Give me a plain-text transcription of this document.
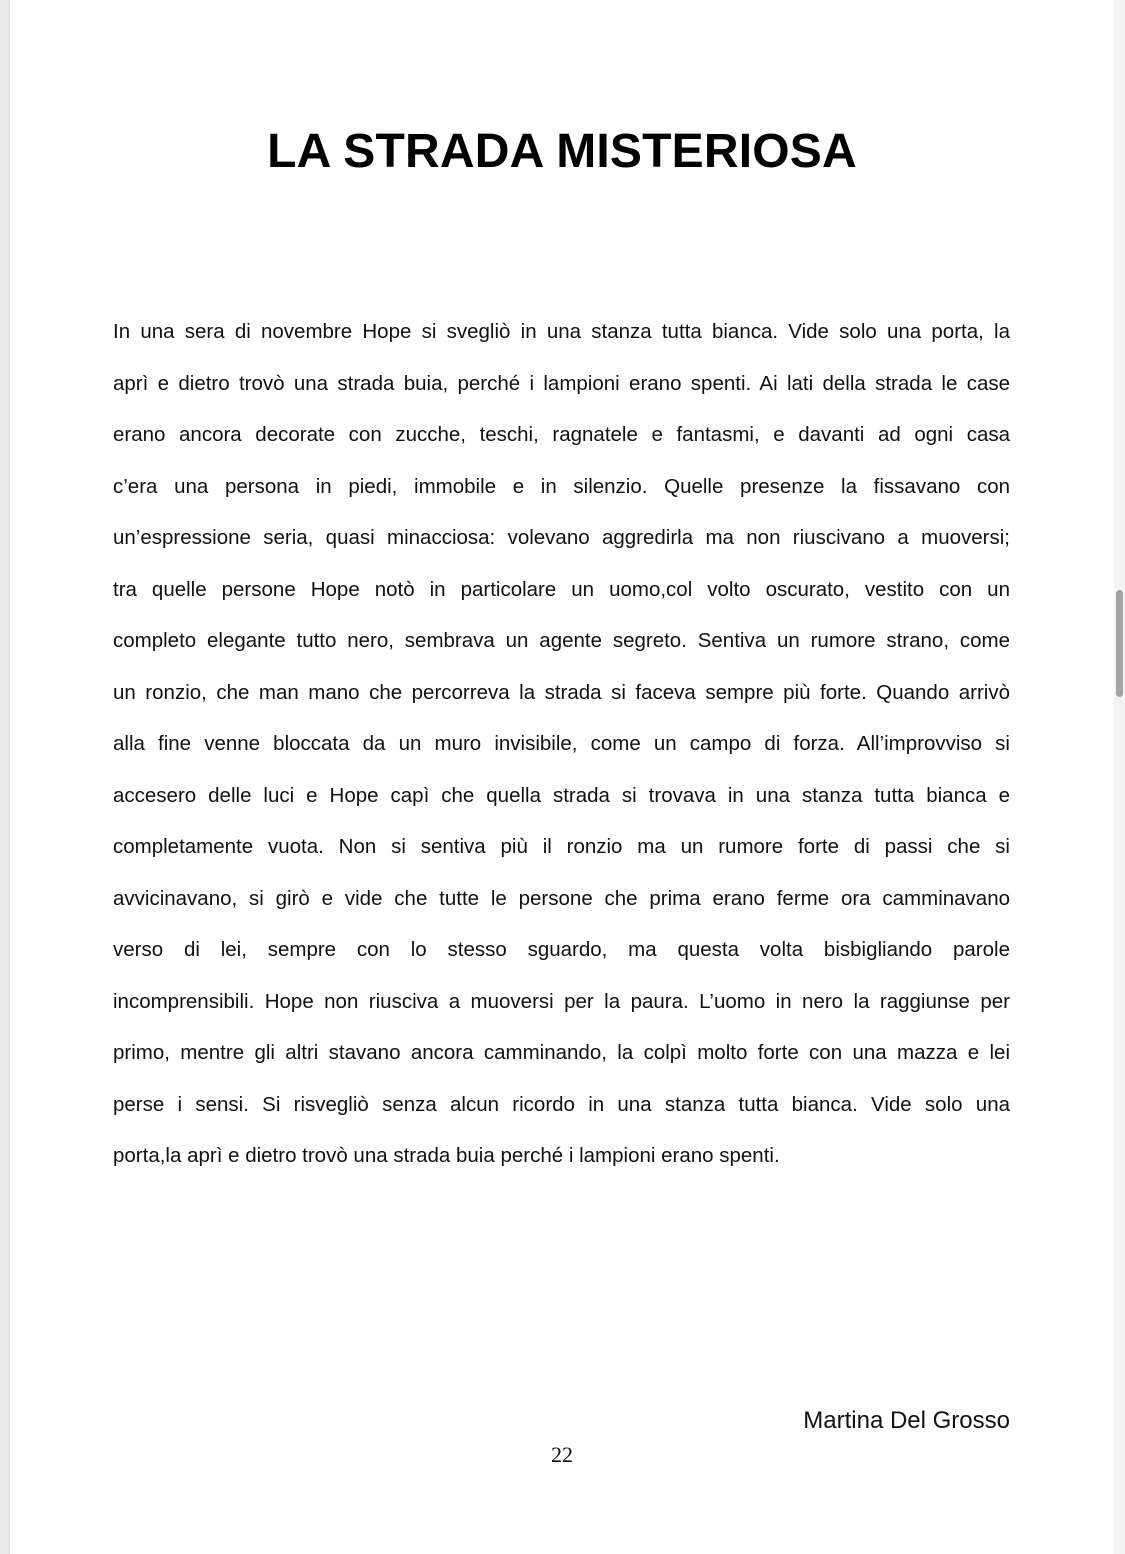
LA STRADA MISTERIOSA
In una sera di novembre Hope si svegliò in una stanza tutta bianca. Vide solo una porta, la
aprì e dietro trovò una strada buia, perché i lampioni erano spenti. Ai lati della strada le case
erano ancora decorate con zucche, teschi, ragnatele e fantasmi, e davanti ad ogni casa
c’era una persona in piedi, immobile e in silenzio. Quelle presenze la fissavano con
un’espressione seria, quasi minacciosa: volevano aggredirla ma non riuscivano a muoversi;
tra quelle persone Hope notò in particolare un uomo,col volto oscurato, vestito con un
completo elegante tutto nero, sembrava un agente segreto. Sentiva un rumore strano, come
un ronzio, che man mano che percorreva la strada si faceva sempre più forte. Quando arrivò
alla fine venne bloccata da un muro invisibile, come un campo di forza. All’improvviso si
accesero delle luci e Hope capì che quella strada si trovava in una stanza tutta bianca e
completamente vuota. Non si sentiva più il ronzio ma un rumore forte di passi che si
avvicinavano, si girò e vide che tutte le persone che prima erano ferme ora camminavano
verso di lei, sempre con lo stesso sguardo, ma questa volta bisbigliando parole
incomprensibili. Hope non riusciva a muoversi per la paura. L’uomo in nero la raggiunse per
primo, mentre gli altri stavano ancora camminando, la colpì molto forte con una mazza e lei
perse i sensi. Si risvegliò senza alcun ricordo in una stanza tutta bianca. Vide solo una
porta,la aprì e dietro trovò una strada buia perché i lampioni erano spenti.

Martina Del Grosso

22
